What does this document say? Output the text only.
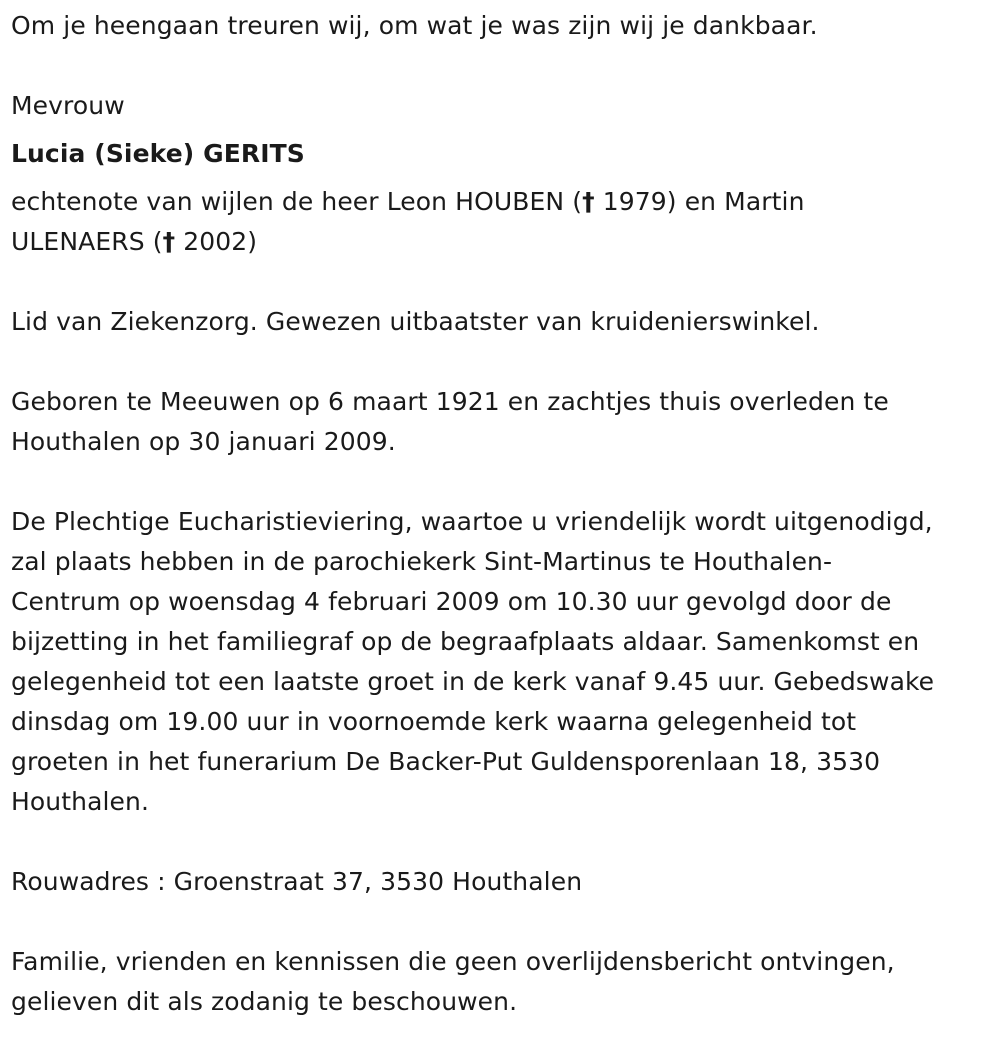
Om je heengaan treuren wij, om wat je was zijn wij je dankbaar.

Mevrouw

Lucia (Sieke) GERITS

echtenote van wijlen de heer Leon HOUBEN († 1979) en Martin

ULENAERS († 2002)

Lid van Ziekenzorg. Gewezen uitbaatster van kruidenierswinkel.

Geboren te Meeuwen op 6 maart 1921 en zachtjes thuis overleden te

Houthalen op 30 januari 2009.

De Plechtige Eucharistieviering, waartoe u vriendelijk wordt uitgenodigd,

zal plaats hebben in de parochiekerk Sint-Martinus te Houthalen-

Centrum op woensdag 4 februari 2009 om 10.30 uur gevolgd door de

bijzetting in het familiegraf op de begraafplaats aldaar. Samenkomst en

gelegenheid tot een laatste groet in de kerk vanaf 9.45 uur. Gebedswake

dinsdag om 19.00 uur in voornoemde kerk waarna gelegenheid tot

groeten in het funerarium De Backer-Put Guldensporenlaan 18, 3530

Houthalen.

Rouwadres : Groenstraat 37, 3530 Houthalen

Familie, vrienden en kennissen die geen overlijdensbericht ontvingen,

gelieven dit als zodanig te beschouwen.
